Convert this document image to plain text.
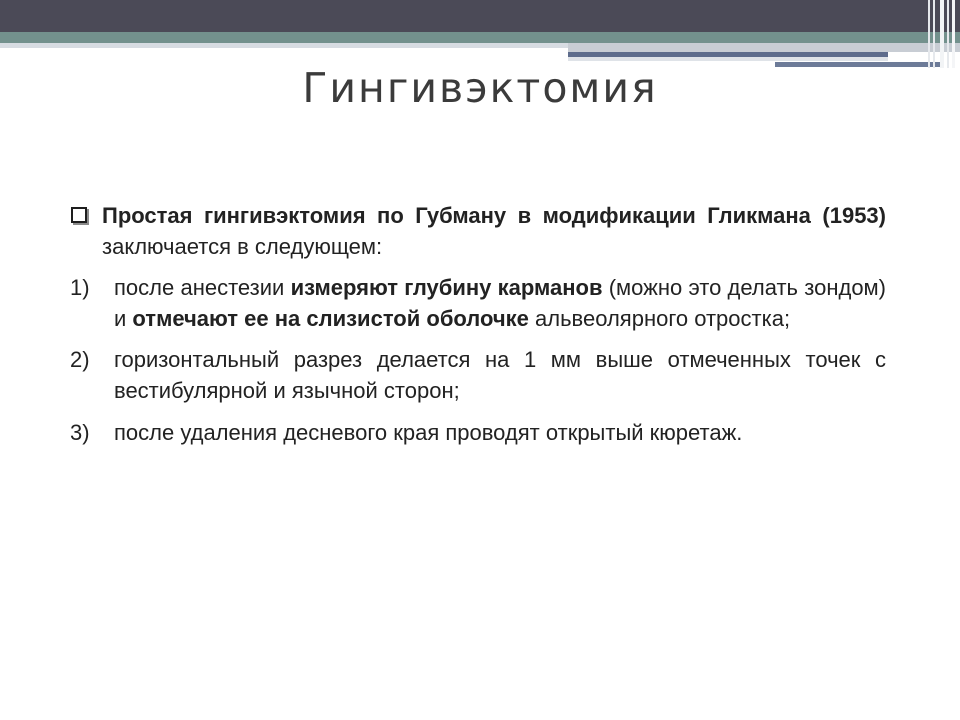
Гингивэктомия
Простая гингивэктомия по Губману в модификации Гликмана (1953) заключается в следующем:
1) после анестезии измеряют глубину карманов (можно это делать зондом) и отмечают ее на слизистой оболочке альвеолярного отростка;
2) горизонтальный разрез делается на 1 мм выше отмеченных точек с вестибулярной и язычной сторон;
3) после удаления десневого края проводят открытый кюретаж.
